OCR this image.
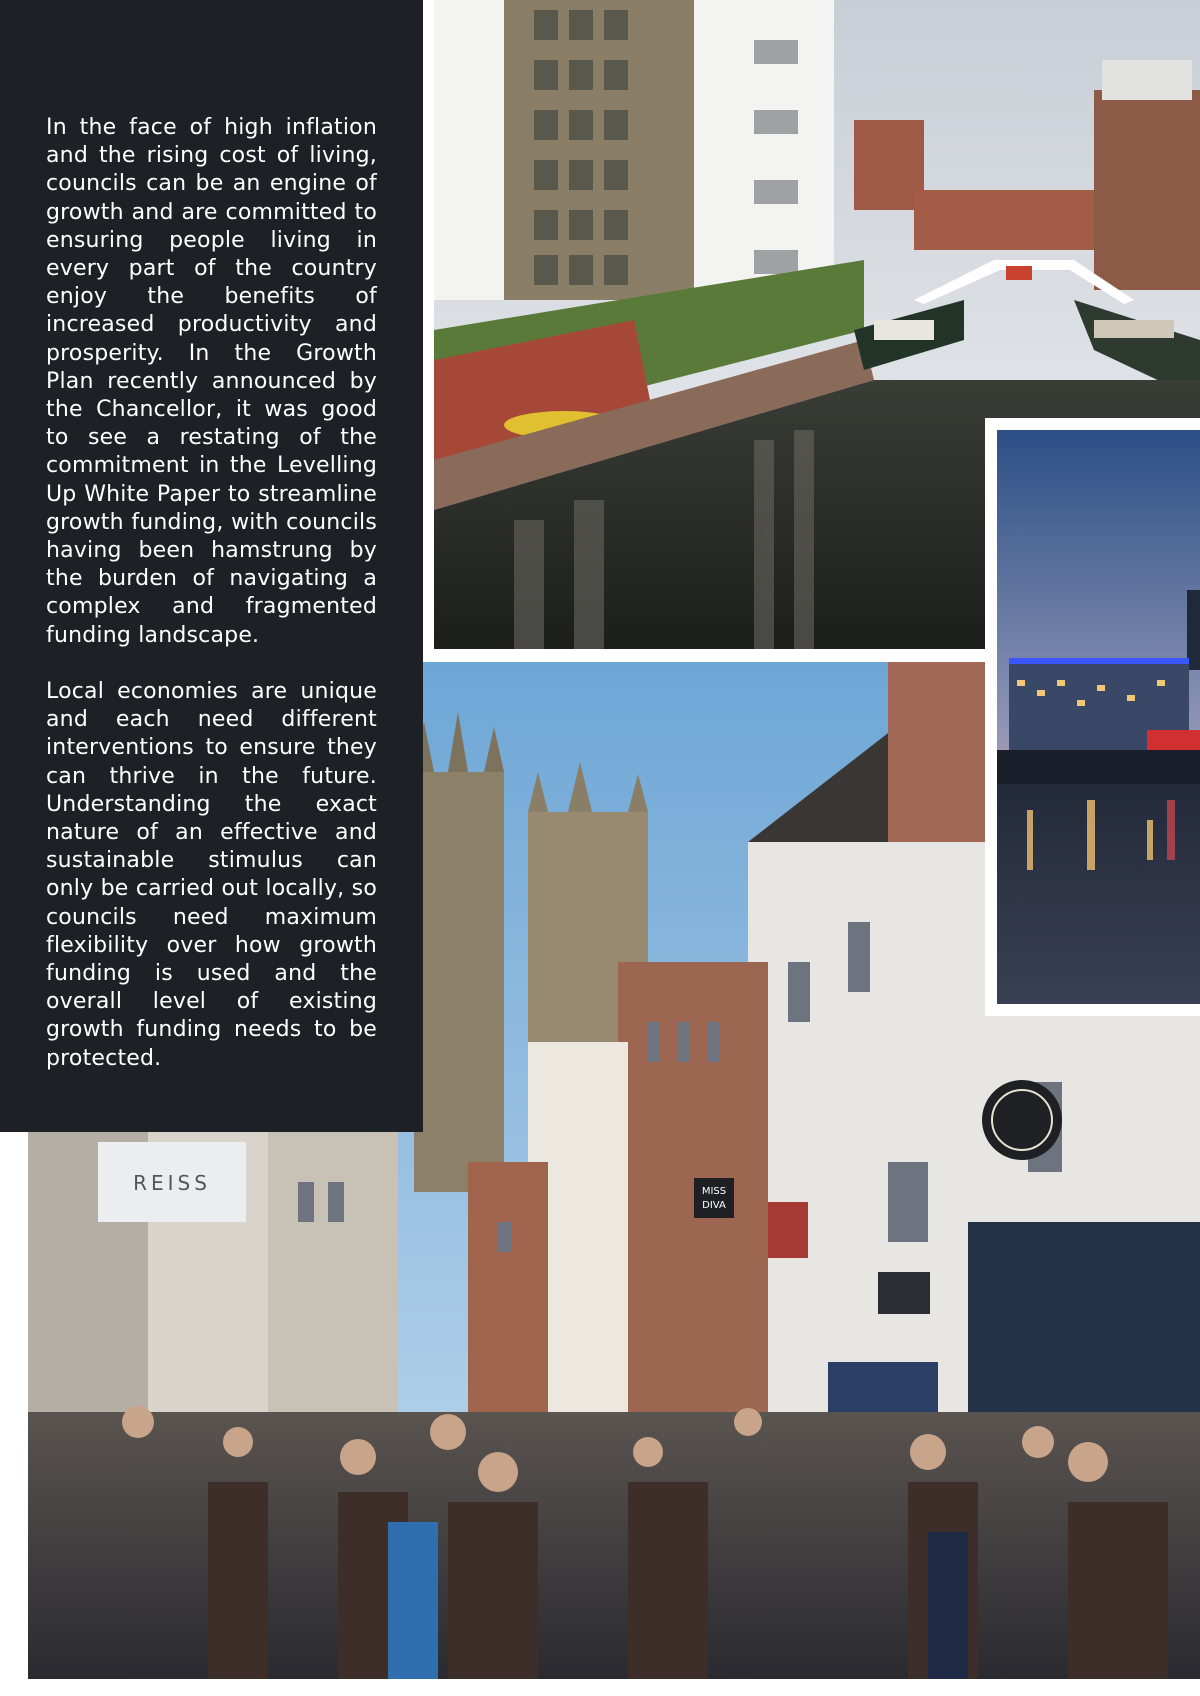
REISS	MISS
DIVA

In the face of high inflation and the rising cost of living, councils can be an engine of growth and are committed to ensuring people living in every part of the country enjoy the benefits of increased productivity and prosperity. In the Growth Plan recently announced by the Chancellor, it was good to see a restating of the commitment in the Levelling Up White Paper to streamline growth funding, with councils having been hamstrung by the burden of navigating a complex and fragmented funding landscape.

Local economies are unique and each need different interventions to ensure they can thrive in the future. Understanding the exact nature of an effective and sustainable stimulus can only be carried out locally, so councils need maximum flexibility over how growth funding is used and the overall level of existing growth funding needs to be protected.
